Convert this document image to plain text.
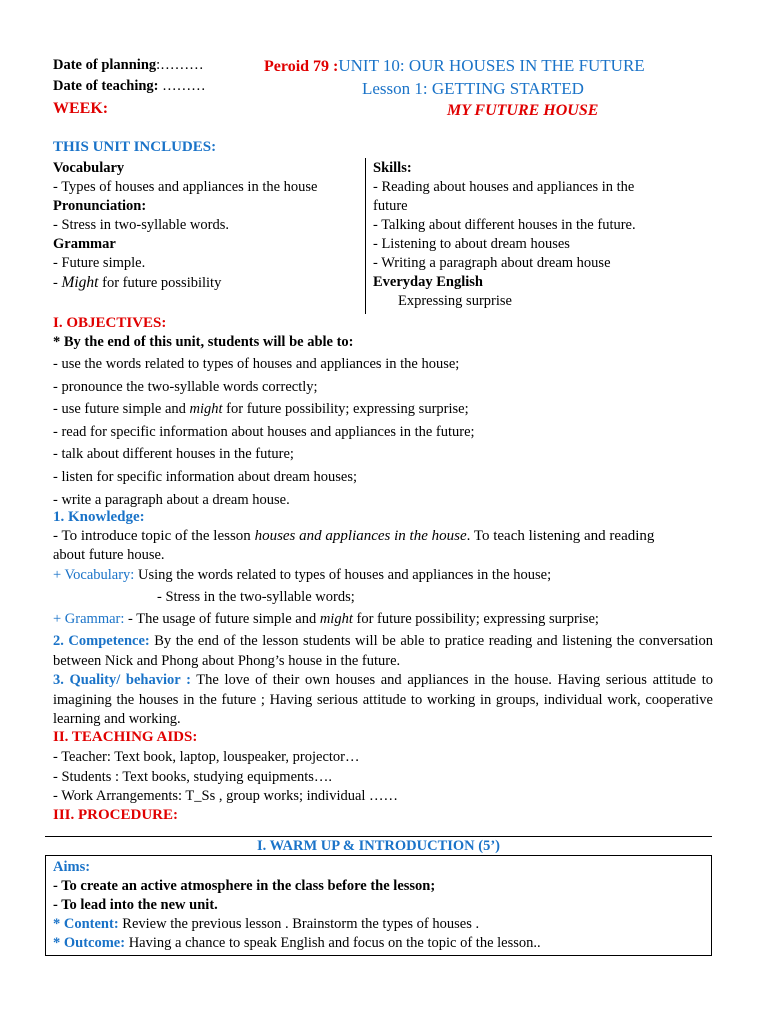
Date of planning:………
Date of teaching: ………
WEEK:
Peroid 79 :UNIT 10: OUR HOUSES IN THE FUTURE
Lesson 1: GETTING STARTED
MY FUTURE HOUSE
THIS UNIT INCLUDES:
Vocabulary
- Types of houses and appliances in the house
Pronunciation:
- Stress in two-syllable words.
Grammar
- Future simple.
- Might for future possibility
Skills:
- Reading about houses and appliances in the
future
- Talking about different houses in the future.
- Listening to about dream houses
- Writing a paragraph about dream house
Everyday English
Expressing surprise
I. OBJECTIVES:
* By the end of this unit, students will be able to:
- use the words related to types of houses and appliances in the house;
- pronounce the two-syllable words correctly;
- use future simple and might for future possibility; expressing surprise;
- read for specific information about houses and appliances in the future;
- talk about different houses in the future;
- listen for specific information about dream houses;
- write a paragraph about a dream house.
1. Knowledge:
- To introduce topic of the lesson houses and appliances in the house. To teach listening and reading
about future house.
+ Vocabulary: Using the words related to types of houses and appliances in the house;
- Stress in the two-syllable words;
+ Grammar: - The usage of future simple and might for future possibility; expressing surprise;
2. Competence: By the end of the lesson students will be able to pratice reading and listening the conversation between Nick and Phong about Phong’s house in the future.
3. Quality/ behavior : The love of their own houses and appliances in the house. Having serious attitude to imagining the houses in the future ; Having serious attitude to working in groups, individual work, cooperative learning and working.
II. TEACHING AIDS:
- Teacher: Text book, laptop, louspeaker, projector…
- Students : Text books, studying equipments….
- Work Arrangements: T_Ss , group works; individual ……
III. PROCEDURE:
I. WARM UP & INTRODUCTION (5’)
Aims:
- To create an active atmosphere in the class before the lesson;
- To lead into the new unit.
* Content: Review the previous lesson . Brainstorm the types of houses .
* Outcome: Having a chance to speak English and focus on the topic of the lesson..
